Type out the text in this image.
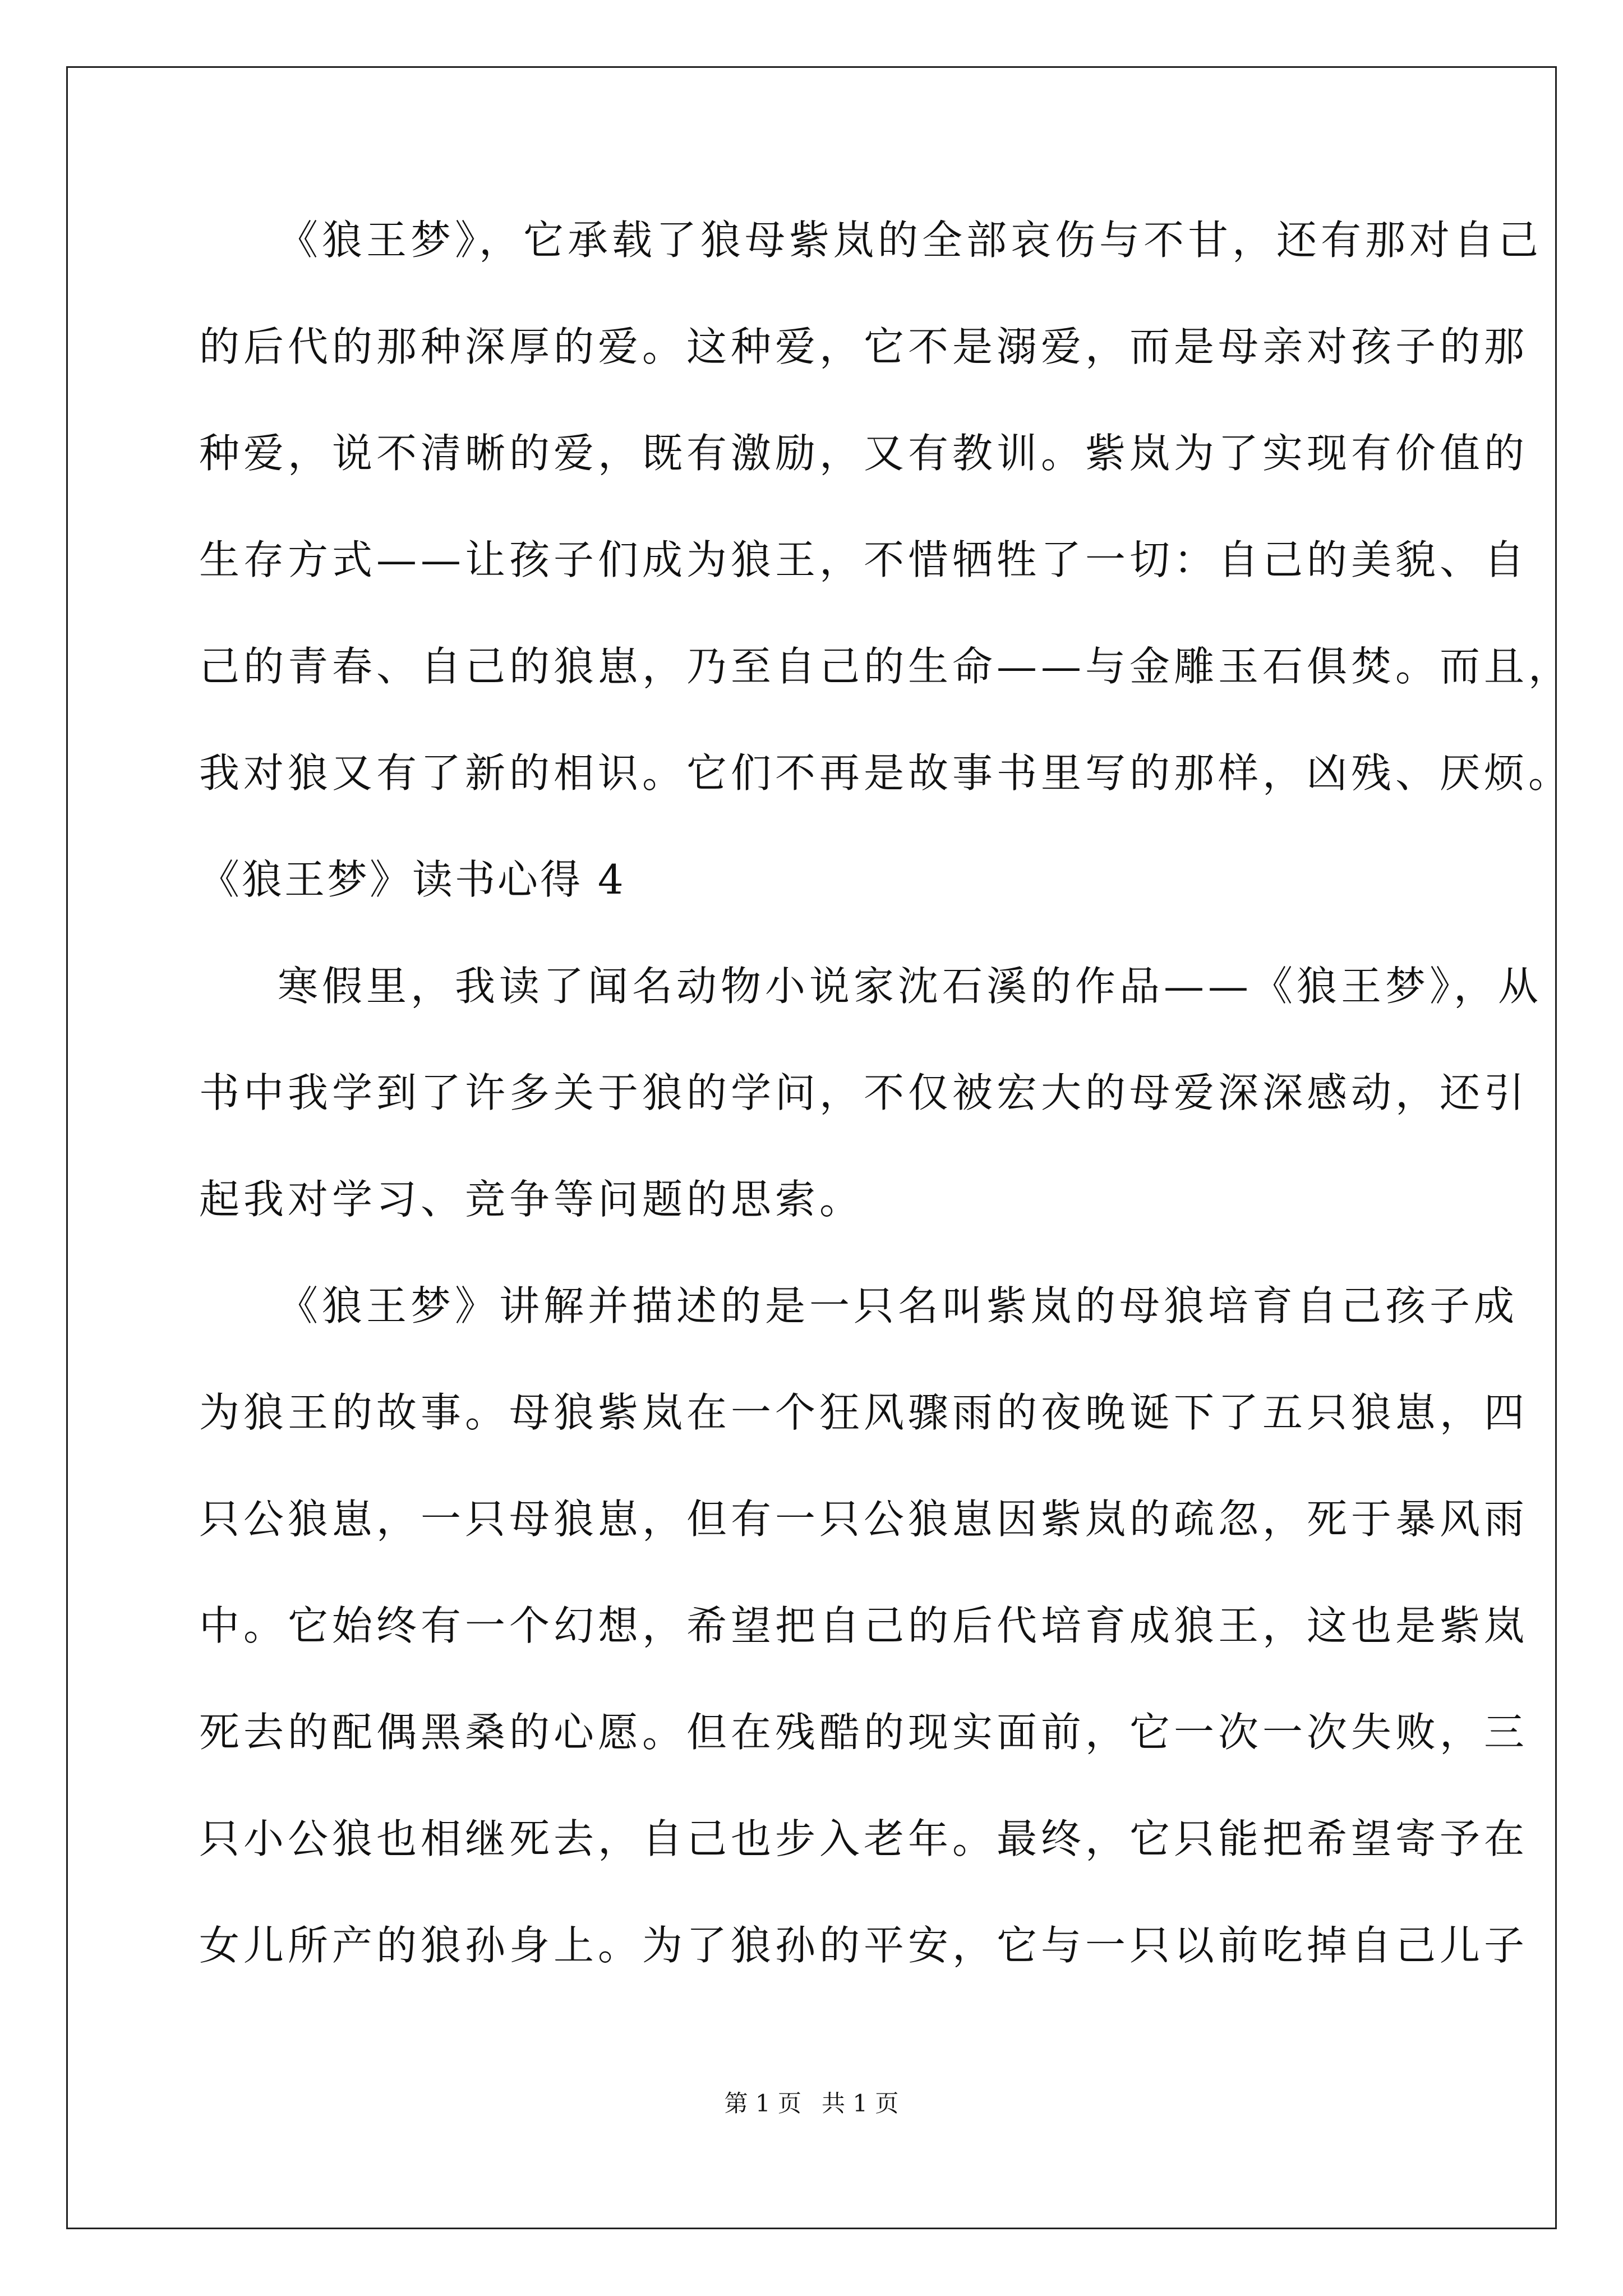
《狼王梦》，它承载了狼母紫岚的全部哀伤与不甘，还有那对自己
的后代的那种深厚的爱。这种爱，它不是溺爱，而是母亲对孩子的那
种爱，说不清晰的爱，既有激励，又有教训。紫岚为了实现有价值的
生存方式——让孩子们成为狼王，不惜牺牲了一切：自己的美貌、自
己的青春、自己的狼崽，乃至自己的生命——与金雕玉石俱焚。而且，
我对狼又有了新的相识。它们不再是故事书里写的那样，凶残、厌烦。
《狼王梦》读书心得 4
寒假里，我读了闻名动物小说家沈石溪的作品——《狼王梦》，从
书中我学到了许多关于狼的学问，不仅被宏大的母爱深深感动，还引
起我对学习、竞争等问题的思索。
《狼王梦》讲解并描述的是一只名叫紫岚的母狼培育自己孩子成
为狼王的故事。母狼紫岚在一个狂风骤雨的夜晚诞下了五只狼崽，四
只公狼崽，一只母狼崽，但有一只公狼崽因紫岚的疏忽，死于暴风雨
中。它始终有一个幻想，希望把自己的后代培育成狼王，这也是紫岚
死去的配偶黑桑的心愿。但在残酷的现实面前，它一次一次失败，三
只小公狼也相继死去，自己也步入老年。最终，它只能把希望寄予在
女儿所产的狼孙身上。为了狼孙的平安，它与一只以前吃掉自己儿子
第 1 页 共 1 页
